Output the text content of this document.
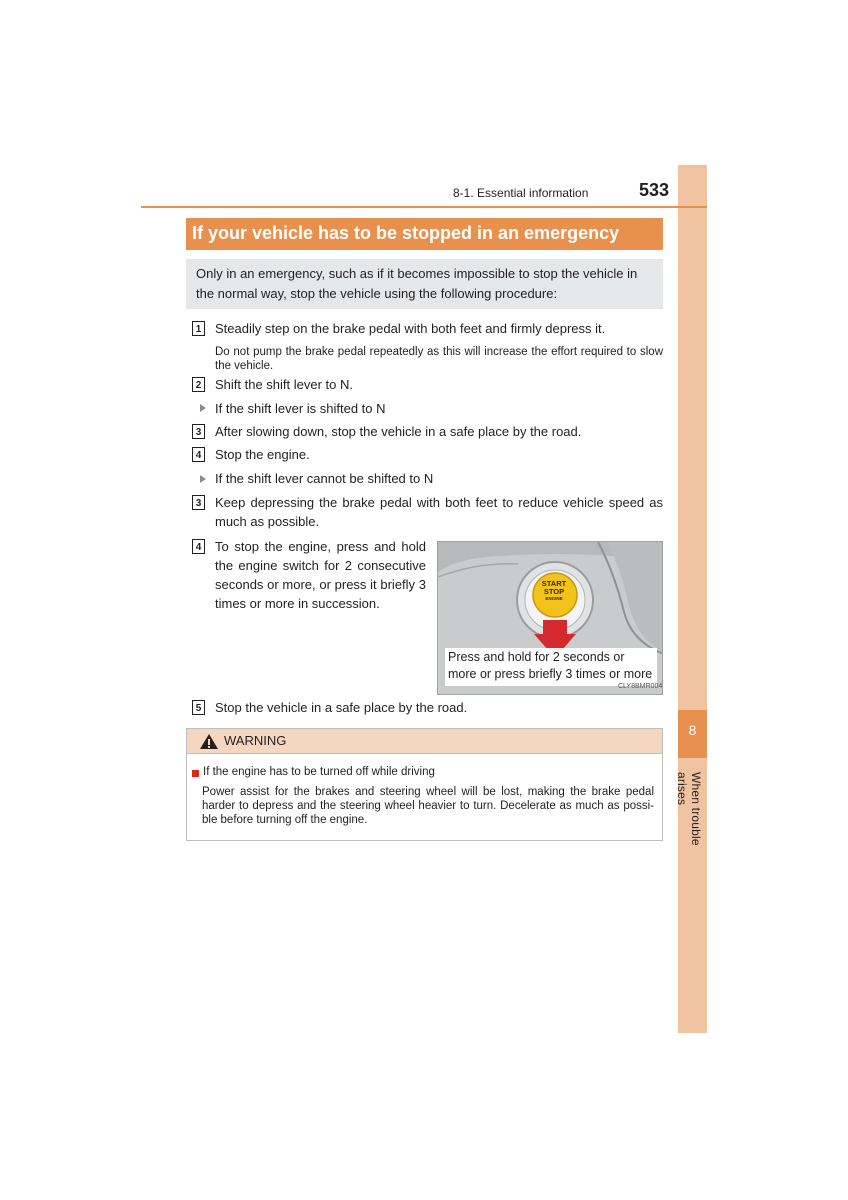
8
When trouble arises
8-1. Essential information	533
If your vehicle has to be stopped in an emergency
Only in an emergency, such as if it becomes impossible to stop the vehicle in the normal way, stop the vehicle using the following procedure:
1 Steadily step on the brake pedal with both feet and firmly depress it.
Do not pump the brake pedal repeatedly as this will increase the effort required to slow the vehicle.
2 Shift the shift lever to N.
If the shift lever is shifted to N
3 After slowing down, stop the vehicle in a safe place by the road.
4 Stop the engine.
If the shift lever cannot be shifted to N
3 Keep depressing the brake pedal with both feet to reduce vehicle speed as much as possible.
4 To stop the engine, press and hold the engine switch for 2 consecutive seconds or more, or press it briefly 3 times or more in succession.
START
STOP
ENGINE
Press and hold for 2 seconds or more or press briefly 3 times or more
CLY8BMR004
5 Stop the vehicle in a safe place by the road.
WARNING
If the engine has to be turned off while driving
Power assist for the brakes and steering wheel will be lost, making the brake pedal harder to depress and the steering wheel heavier to turn. Decelerate as much as possi-ble before turning off the engine.
